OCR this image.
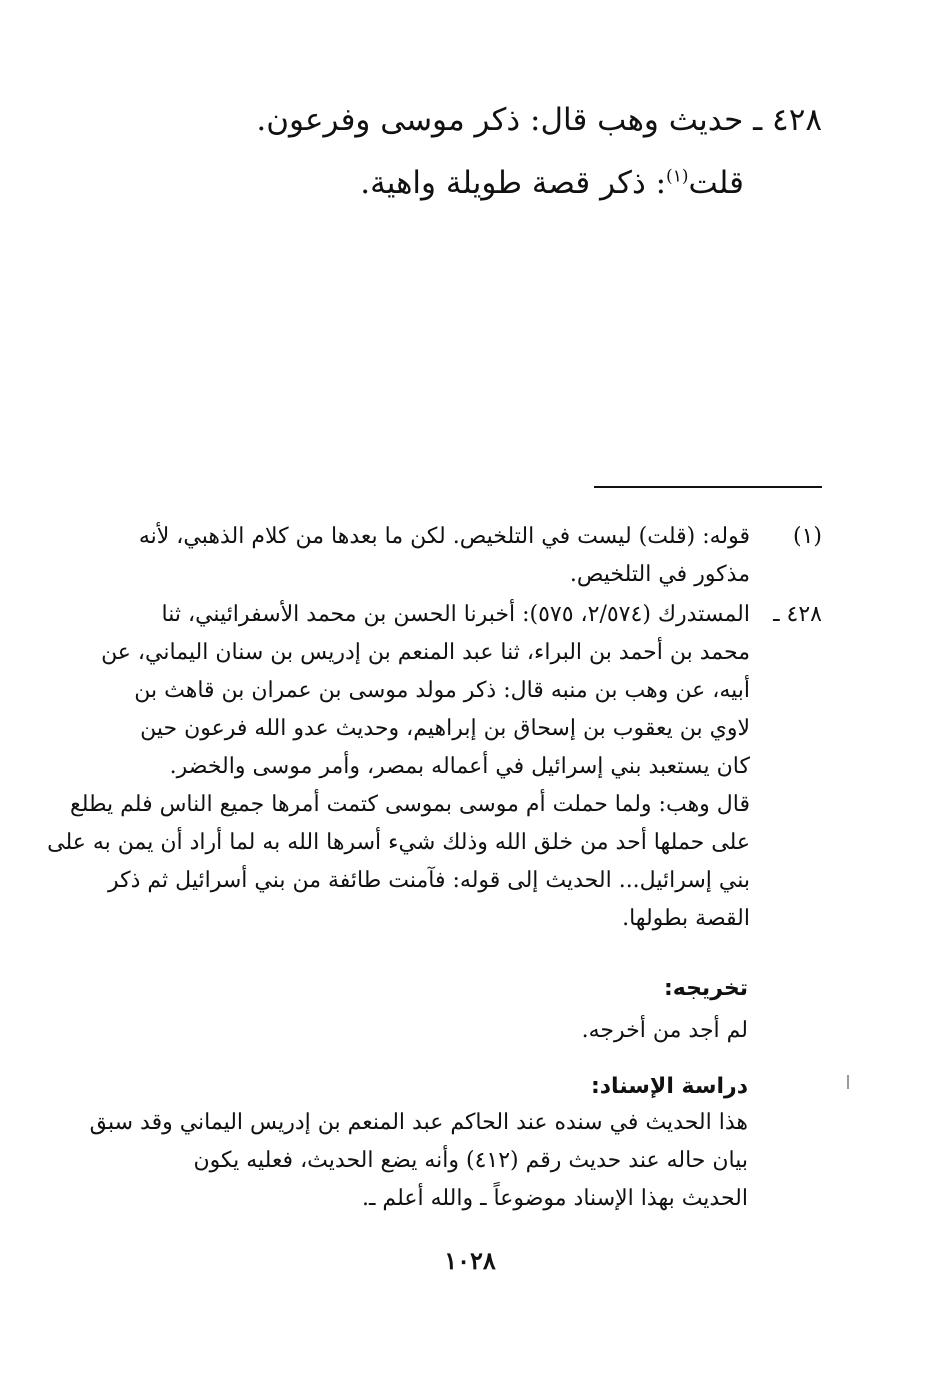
٤٢٨ ـ حديث وهب قال: ذكر موسى وفرعون.
قلت$^{(١)}$: ذكر قصة طويلة واهية.
(١)
قوله: (قلت) ليست في التلخيص. لكن ما بعدها من كلام الذهبي، لأنه
مذكور في التلخيص.
٤٢٨ ـ
المستدرك (٢/٥٧٤، ٥٧٥): أخبرنا الحسن بن محمد الأسفرائيني، ثنا
محمد بن أحمد بن البراء، ثنا عبد المنعم بن إدريس بن سنان اليماني، عن
أبيه، عن وهب بن منبه قال: ذكر مولد موسى بن عمران بن قاهث بن
لاوي بن يعقوب بن إسحاق بن إبراهيم، وحديث عدو الله فرعون حين
كان يستعبد بني إسرائيل في أعماله بمصر، وأمر موسى والخضر.
قال وهب: ولما حملت أم موسى بموسى كتمت أمرها جميع الناس فلم يطلع
على حملها أحد من خلق الله وذلك شيء أسرها الله به لما أراد أن يمن به على
بني إسرائيل... الحديث إلى قوله: فآمنت طائفة من بني أسرائيل ثم ذكر
القصة بطولها.
تخريجه:
لم أجد من أخرجه.
دراسة الإسناد:
هذا الحديث في سنده عند الحاكم عبد المنعم بن إدريس اليماني وقد سبق
بيان حاله عند حديث رقم (٤١٢) وأنه يضع الحديث، فعليه يكون
الحديث بهذا الإسناد موضوعاً ـ والله أعلم ـ.
١٠٢٨
